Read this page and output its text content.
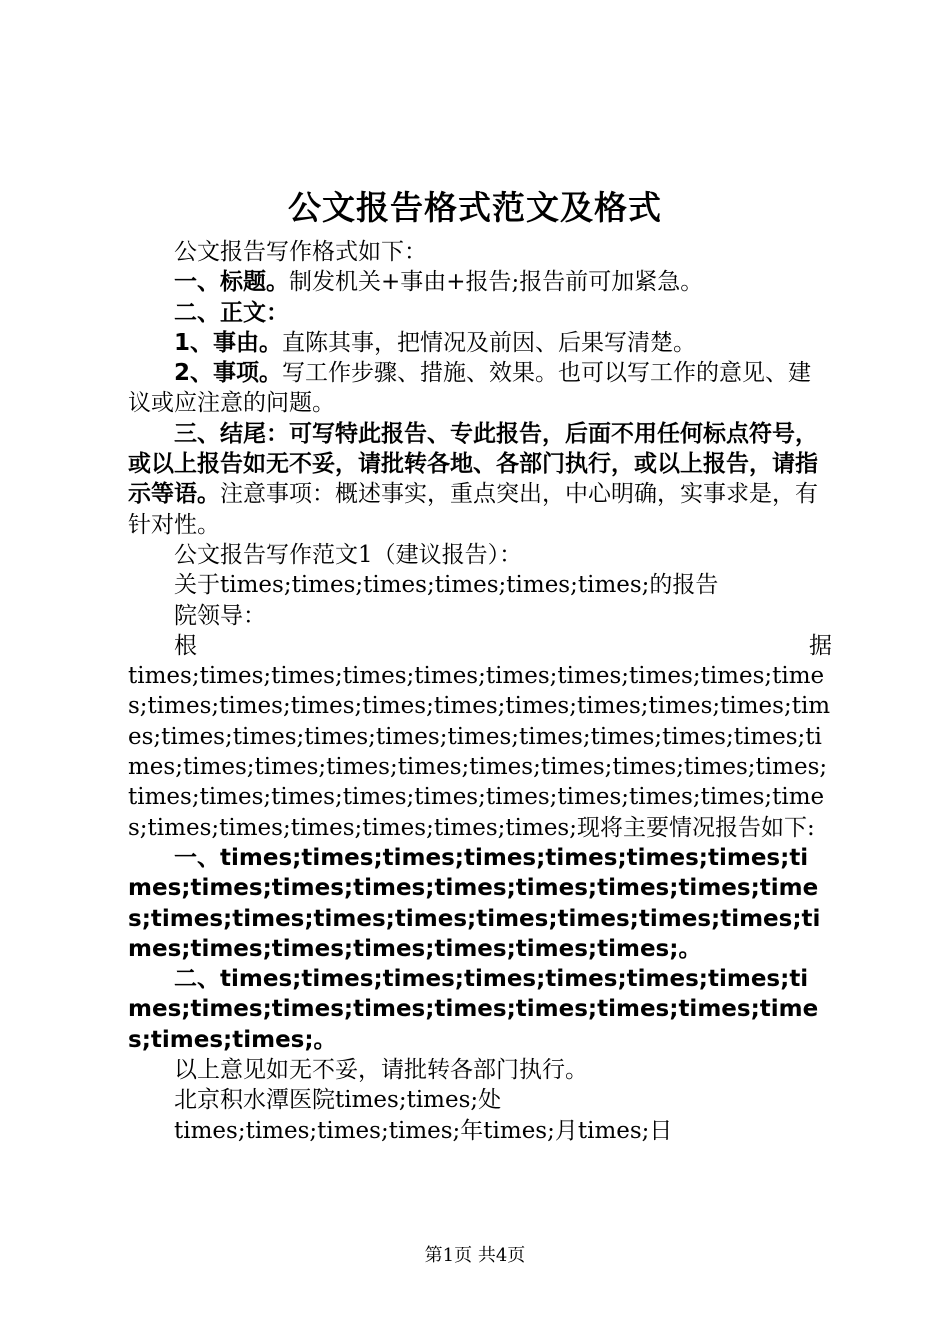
公文报告格式范文及格式

公文报告写作格式如下：

一、标题。制发机关+事由+报告;报告前可加紧急。

二、正文：

1、事由。直陈其事，把情况及前因、后果写清楚。

2、事项。写工作步骤、措施、效果。也可以写工作的意见、建议或应注意的问题。

三、结尾：可写特此报告、专此报告，后面不用任何标点符号，或以上报告如无不妥，请批转各地、各部门执行，或以上报告，请指示等语。注意事项：概述事实，重点突出，中心明确，实事求是，有针对性。

公文报告写作范文1（建议报告）：

关于times;times;times;times;times;times;的报告

院领导：

根	据

times;times;times;times;times;times;times;times;times;times;times;times;times;times;times;times;times;times;times;times;times;times;times;times;times;times;times;times;times;times;times;times;times;times;times;times;times;times;times;times;times;times;times;times;times;times;times;times;times;times;times;times;times;times;times;现将主要情况报告如下:

一、times;times;times;times;times;times;times;times;times;times;times;times;times;times;times;times;times;times;times;times;times;times;times;times;times;times;times;times;times;times;times;。

二、times;times;times;times;times;times;times;times;times;times;times;times;times;times;times;times;times;times;。

以上意见如无不妥，请批转各部门执行。

北京积水潭医院times;times;处

times;times;times;times;年times;月times;日

第1页 共4页
